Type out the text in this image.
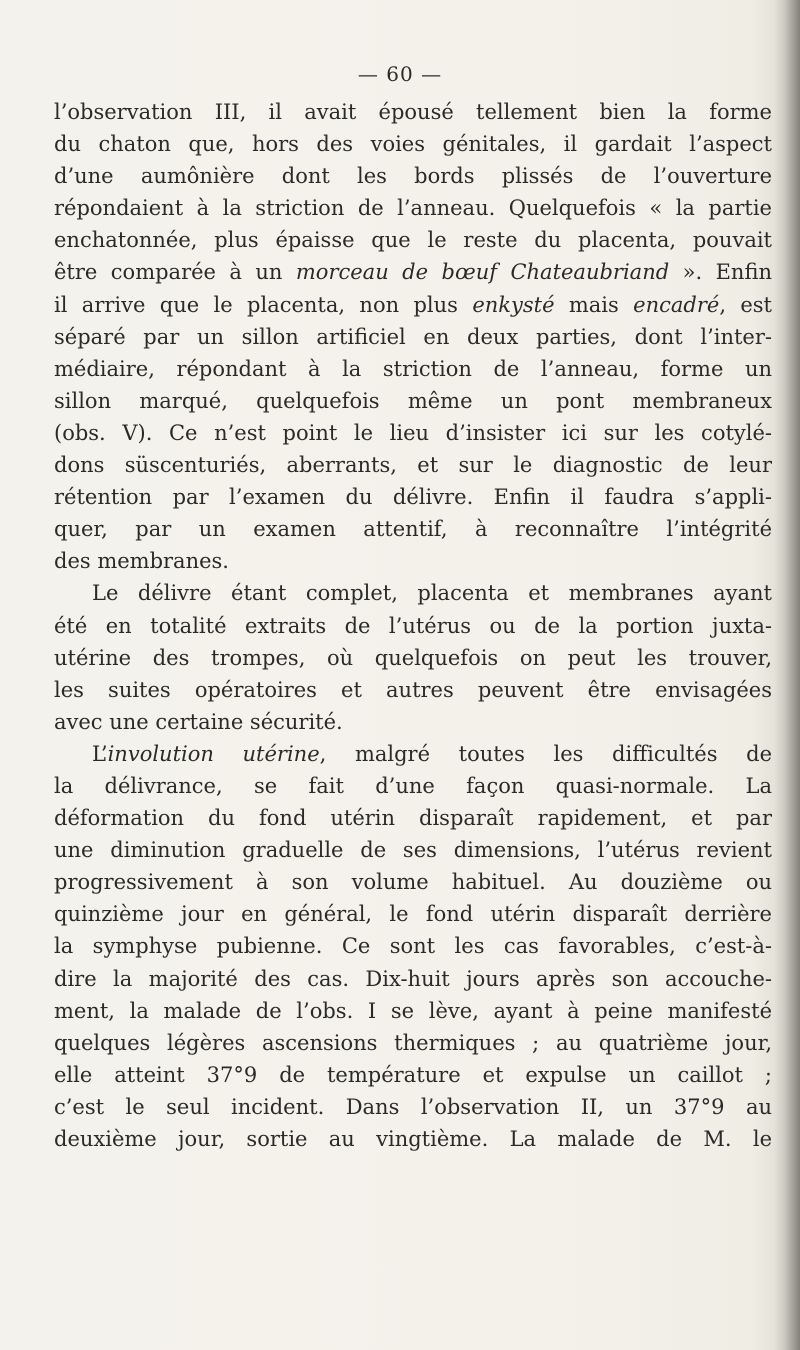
— 60 —
l’observation III, il avait épousé tellement bien la forme
du chaton que, hors des voies génitales, il gardait l’aspect
d’une aumônière dont les bords plissés de l’ouverture
répondaient à la striction de l’anneau. Quelquefois « la partie
enchatonnée, plus épaisse que le reste du placenta, pouvait
être comparée à un morceau de bœuf Chateaubriand ». Enfin
il arrive que le placenta, non plus enkysté mais encadré, est
séparé par un sillon artificiel en deux parties, dont l’inter-
médiaire, répondant à la striction de l’anneau, forme un
sillon marqué, quelquefois même un pont membraneux
(obs. V). Ce n’est point le lieu d’insister ici sur les cotylé-
dons süscenturiés, aberrants, et sur le diagnostic de leur
rétention par l’examen du délivre. Enfin il faudra s’appli-
quer, par un examen attentif, à reconnaître l’intégrité
des membranes.
Le délivre étant complet, placenta et membranes ayant
été en totalité extraits de l’utérus ou de la portion juxta-
utérine des trompes, où quelquefois on peut les trouver,
les suites opératoires et autres peuvent être envisagées
avec une certaine sécurité.
L’involution utérine, malgré toutes les difficultés de
la délivrance, se fait d’une façon quasi-normale. La
déformation du fond utérin disparaît rapidement, et par
une diminution graduelle de ses dimensions, l’utérus revient
progressivement à son volume habituel. Au douzième ou
quinzième jour en général, le fond utérin disparaît derrière
la symphyse pubienne. Ce sont les cas favorables, c’est-à-
dire la majorité des cas. Dix-huit jours après son accouche-
ment, la malade de l’obs. I se lève, ayant à peine manifesté
quelques légères ascensions thermiques ; au quatrième jour,
elle atteint 37°9 de température et expulse un caillot ;
c’est le seul incident. Dans l’observation II, un 37°9 au
deuxième jour, sortie au vingtième. La malade de M. le
